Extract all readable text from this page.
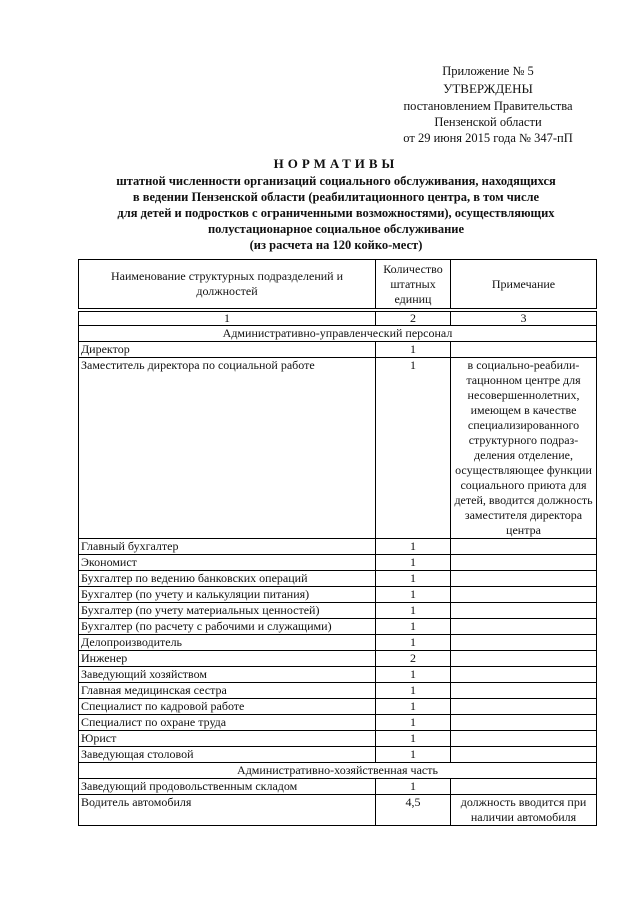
Приложение № 5
УТВЕРЖДЕНЫ
постановлением Правительства
Пензенской области
от 29 июня 2015 года № 347-пП
НОРМАТИВЫ
штатной численности организаций социального обслуживания, находящихся
в ведении Пензенской области (реабилитационного центра, в том числе
для детей и подростков с ограниченными возможностями), осуществляющих
полустационарное социальное обслуживание
(из расчета на 120 койко-мест)
Наименование структурных подразделений и должностей	Количество штатных единиц	Примечание

1	2	3
Административно-управленческий персонал		
Директор	1	
Заместитель директора по социальной работе	1	в социально-реабили-тацнонном центре для несовершеннолетних, имеющем в качестве специализированного структурного подраз-деления отделение, осуществляющее функции социального приюта для детей, вводится должность заместителя директора центра
Главный бухгалтер	1	
Экономист	1	
Бухгалтер по ведению банковских операций	1	
Бухгалтер (по учету и калькуляции питания)	1	
Бухгалтер (по учету материальных ценностей)	1	
Бухгалтер (по расчету с рабочими и служащими)	1	
Делопроизводитель	1	
Инженер	2	
Заведующий хозяйством	1	
Главная медицинская сестра	1	
Специалист по кадровой работе	1	
Специалист по охране труда	1	
Юрист	1	
Заведующая столовой	1	
Административно-хозяйственная часть		
Заведующий продовольственным складом	1	
Водитель автомобиля	4,5	должность вводится при наличии автомобиля
